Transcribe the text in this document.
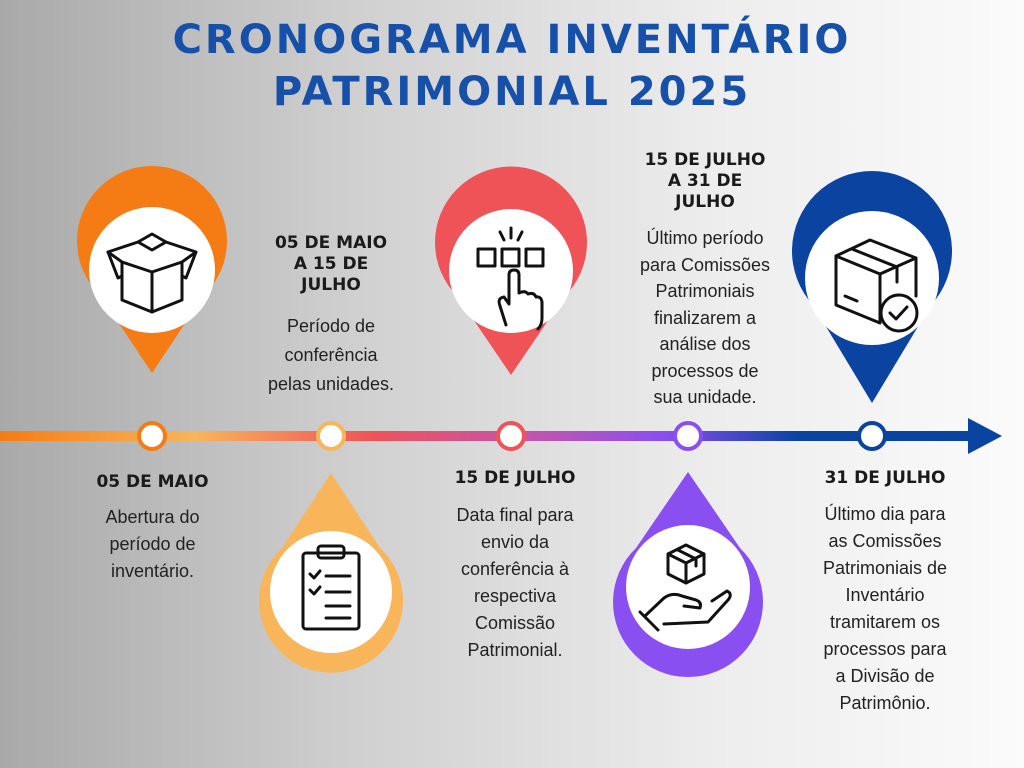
CRONOGRAMA INVENTÁRIO
PATRIMONIAL 2025
05 DE MAIO
Abertura do
período de
inventário.
05 DE MAIO
A 15 DE
JULHO
Período de
conferência
pelas unidades.
15 DE JULHO
Data final para
envio da
conferência à
respectiva
Comissão
Patrimonial.
15 DE JULHO
A 31 DE
JULHO
Último período
para Comissões
Patrimoniais
finalizarem a
análise dos
processos de
sua unidade.
31 DE JULHO
Último dia para
as Comissões
Patrimoniais de
Inventário
tramitarem os
processos para
a Divisão de
Patrimônio.
